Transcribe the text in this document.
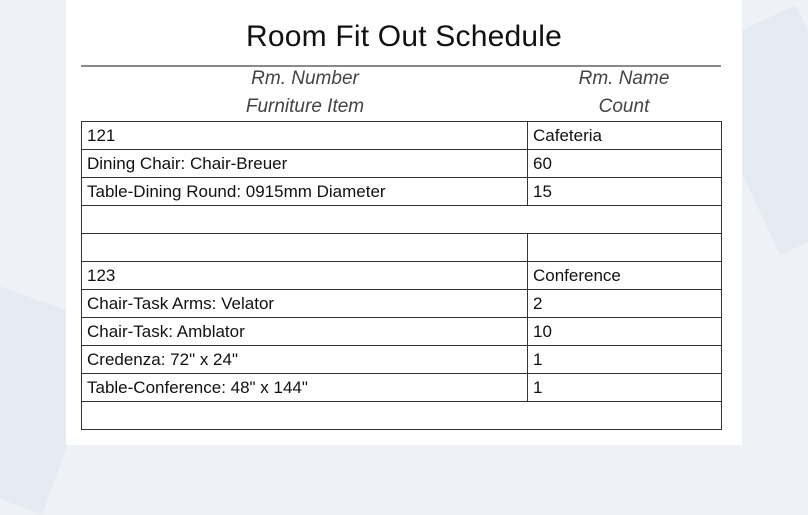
Room Fit Out Schedule
Rm. Number	Rm. Name
Furniture Item	Count
121	Cafeteria
Dining Chair: Chair-Breuer	60
Table-Dining Round: 0915mm Diameter	15

123	Conference
Chair-Task Arms: Velator	2
Chair-Task: Amblator	10
Credenza: 72" x 24"	1
Table-Conference: 48" x 144"	1
